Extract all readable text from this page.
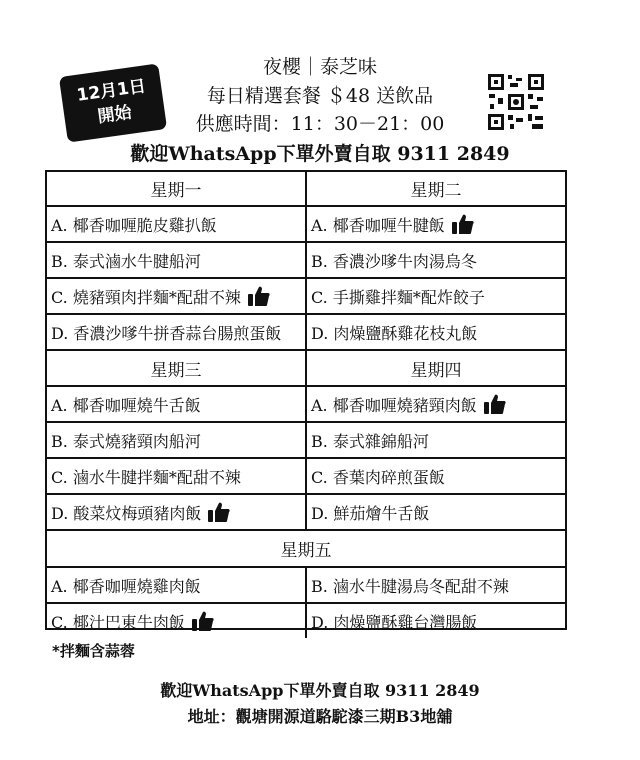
12月1日
開始
夜櫻｜泰芝味
每日精選套餐 ＄48 送飲品
供應時間：11：30－21：00
歡迎WhatsApp下單外賣自取 9311 2849
星期一	星期二
A. 椰香咖喱脆皮雞扒飯	A. 椰香咖喱牛腱飯
B. 泰式滷水牛腱船河	B. 香濃沙嗲牛肉湯烏冬
C. 燒豬頸肉拌麵*配甜不辣	C. 手撕雞拌麵*配炸餃子
D. 香濃沙嗲牛拼香蒜台腸煎蛋飯 D. 肉燥鹽酥雞花枝丸飯
星期三	星期四
A. 椰香咖喱燒牛舌飯	A. 椰香咖喱燒豬頸肉飯
B. 泰式燒豬頸肉船河	B. 泰式雜錦船河
C. 滷水牛腱拌麵*配甜不辣	C. 香葉肉碎煎蛋飯
D. 酸菜炆梅頭豬肉飯	D. 鮮茄燴牛舌飯
星期五
A. 椰香咖喱燒雞肉飯	B. 滷水牛腱湯烏冬配甜不辣
C. 椰汁巴東牛肉飯	D. 肉燥鹽酥雞台灣腸飯
*拌麵含蒜蓉
歡迎WhatsApp下單外賣自取 9311 2849
地址：觀塘開源道駱駝漆三期B3地舖
